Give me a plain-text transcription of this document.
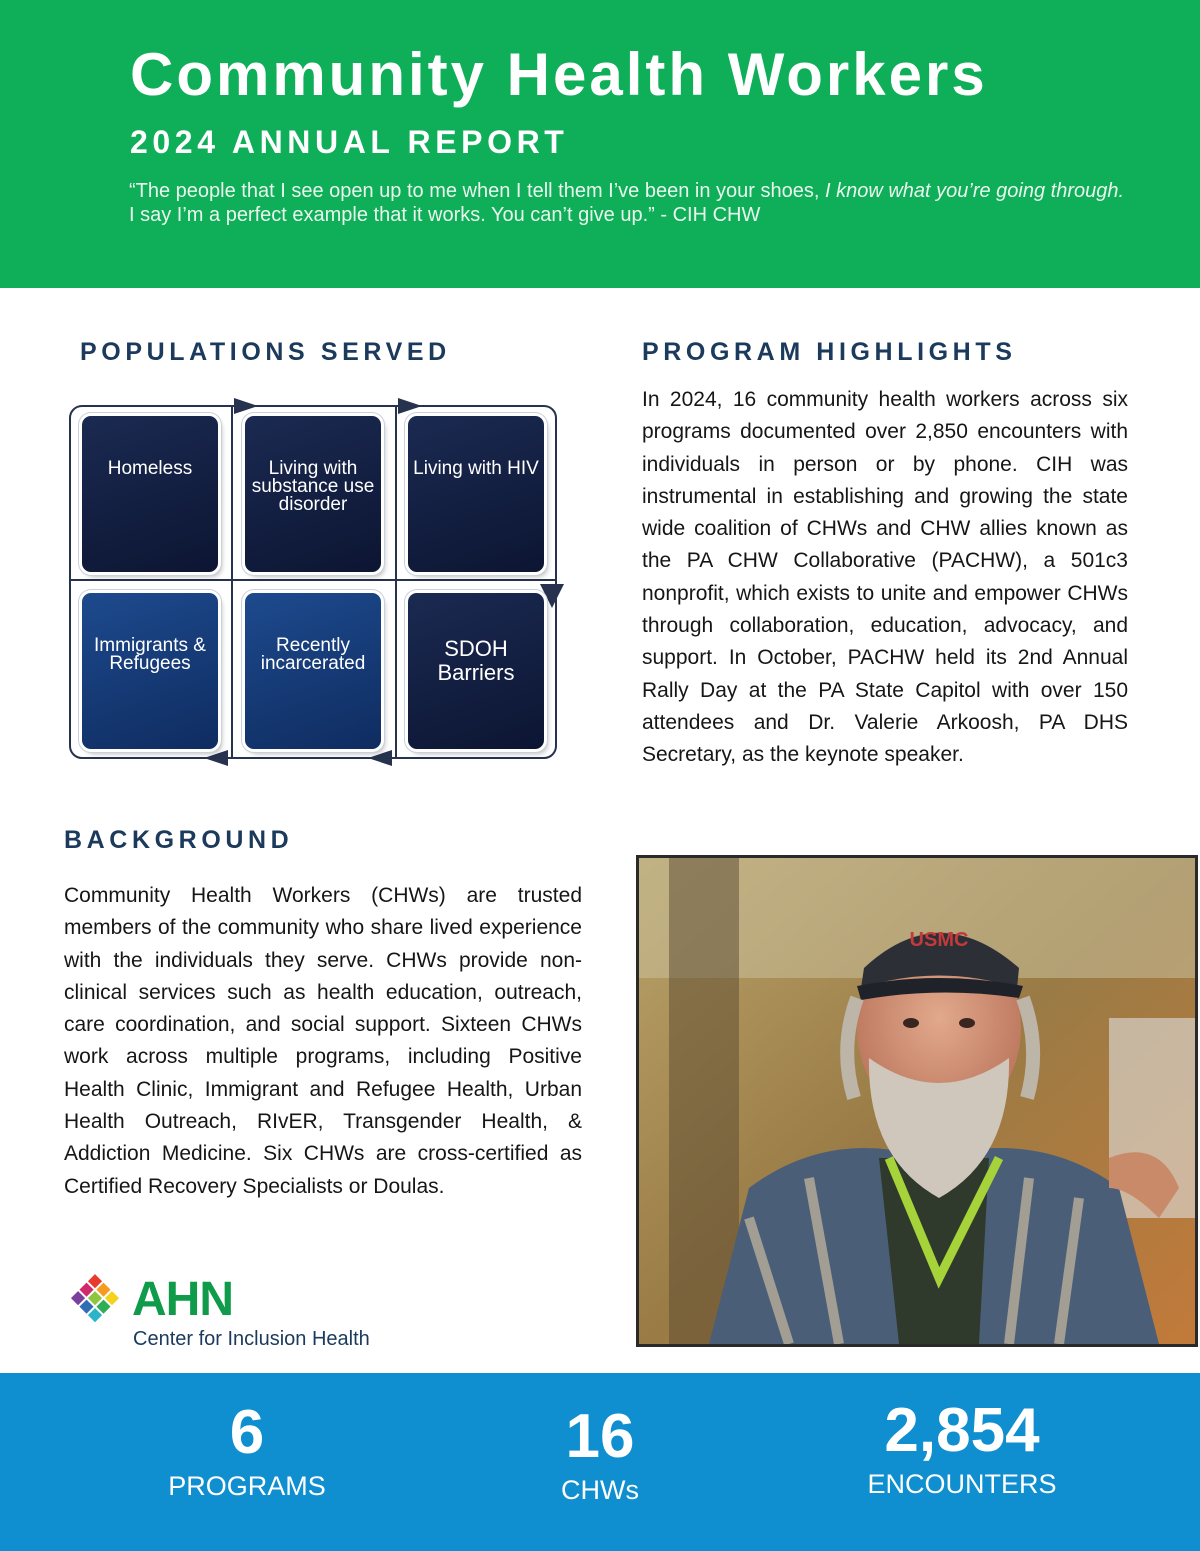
Community Health Workers
2024 ANNUAL REPORT
“The people that I see open up to me when I tell them I’ve been in your shoes, I know what you’re going through. I say I’m a perfect example that it works. You can’t give up.” - CIH CHW
POPULATIONS SERVED
Homeless	Living with substance use disorder
Living with HIV
Immigrants & Refugees
Recently incarcerated
SDOH Barriers
PROGRAM HIGHLIGHTS
In 2024, 16 community health workers across six programs documented over 2,850 encounters with individuals in person or by phone. CIH was instrumental in establishing and growing the state wide coalition of CHWs and CHW allies known as the PA CHW Collaborative (PACHW), a 501c3 nonprofit, which exists to unite and empower CHWs through collaboration, education, advocacy, and support. In October, PACHW held its 2nd Annual Rally Day at the PA State Capitol with over 150 attendees and Dr. Valerie Arkoosh, PA DHS Secretary, as the keynote speaker.
BACKGROUND
Community Health Workers (CHWs) are trusted members of the community who share lived experience with the individuals they serve. CHWs provide non-clinical services such as health education, outreach, care coordination, and social support. Sixteen CHWs work across multiple programs, including Positive Health Clinic, Immigrant and Refugee Health, Urban Health Outreach, RIvER, Transgender Health, & Addiction Medicine. Six CHWs are cross-certified as Certified Recovery Specialists or Doulas.
USMC
AHN
Center for Inclusion Health
6
PROGRAMS
16
CHWs
2,854
ENCOUNTERS
